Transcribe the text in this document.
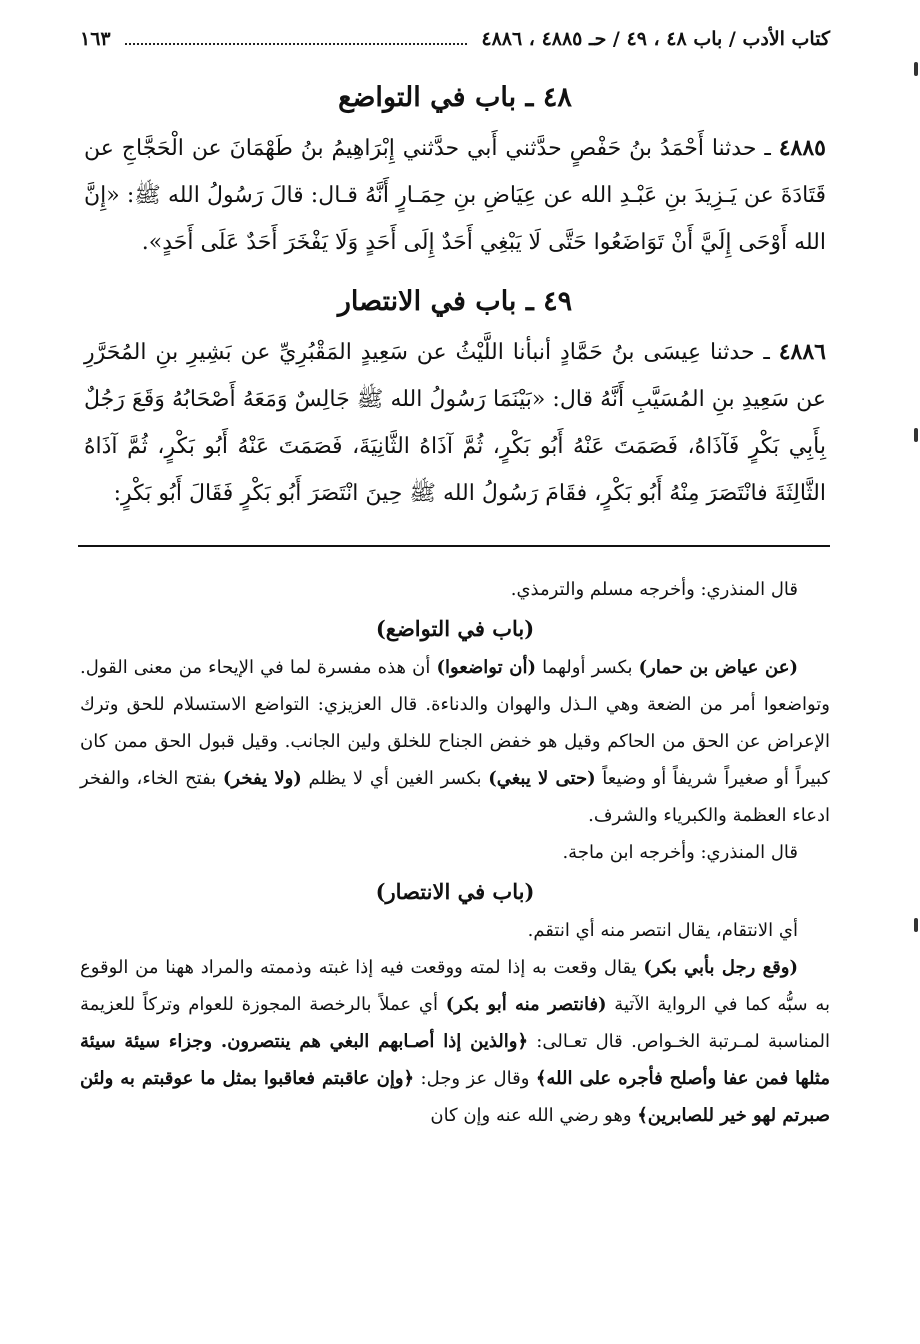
كتاب الأدب / باب ٤٨ ، ٤٩ / حـ ٤٨٨٥ ، ٤٨٨٦
١٦٣
٤٨ ـ باب في التواضع

٤٨٨٥ ـ حدثنا أَحْمَدُ بنُ حَفْصٍ حدَّثني أَبي حدَّثني إِبْرَاهِيمُ بنُ طَهْمَانَ عن الْحَجَّاجِ عن قَتَادَةَ عن يَـزِيدَ بنِ عَبْـدِ الله عن عِيَاضِ بنِ حِمَـارٍ أَنَّهُ قـال: قالَ رَسُولُ الله ﷺ: «إِنَّ الله أَوْحَى إِلَيَّ أَنْ تَوَاضَعُوا حَتَّى لَا يَبْغِي أَحَدٌ إِلَى أَحَدٍ وَلَا يَفْخَرَ أَحَدٌ عَلَى أَحَدٍ».

٤٩ ـ باب في الانتصار

٤٨٨٦ ـ حدثنا عِيسَى بنُ حَمَّادٍ أنبأنا اللَّيْثُ عن سَعِيدٍ المَقْبُرِيِّ عن بَشِيرِ بنِ المُحَرَّرِ عن سَعِيدِ بنِ المُسَيَّبِ أَنَّهُ قال: «بَيْنَمَا رَسُولُ الله ﷺ جَالِسٌ وَمَعَهُ أَصْحَابُهُ وَقَعَ رَجُلٌ بِأَبِي بَكْرٍ فَآذَاهُ، فَصَمَتَ عَنْهُ أَبُو بَكْرٍ، ثُمَّ آذَاهُ الثَّانِيَةَ، فَصَمَتَ عَنْهُ أَبُو بَكْرٍ، ثُمَّ آذَاهُ الثَّالِثَةَ فانْتَصَرَ مِنْهُ أَبُو بَكْرٍ، فقَامَ رَسُولُ الله ﷺ حِينَ انْتَصَرَ أَبُو بَكْرٍ فَقَالَ أَبُو بَكْرٍ:

قال المنذري: وأخرجه مسلم والترمذي.

(باب في التواضع)

(عن عياض بن حمار) بكسر أولهما (أن تواضعوا) أن هذه مفسرة لما في الإيحاء من معنى القول. وتواضعوا أمر من الضعة وهي الـذل والهوان والدناءة. قال العزيزي: التواضع الاستسلام للحق وترك الإعراض عن الحق من الحاكم وقيل هو خفض الجناح للخلق ولين الجانب. وقيل قبول الحق ممن كان كبيراً أو صغيراً شريفاً أو وضيعاً (حتى لا يبغي) بكسر الغين أي لا يظلم (ولا يفخر) بفتح الخاء، والفخر ادعاء العظمة والكبرياء والشرف.

قال المنذري: وأخرجه ابن ماجة.

(باب في الانتصار)

أي الانتقام، يقال انتصر منه أي انتقم.

(وقع رجل بأبي بكر) يقال وقعت به إذا لمته ووقعت فيه إذا غبته وذممته والمراد ههنا من الوقوع به سبُّه كما في الرواية الآتية (فانتصر منه أبو بكر) أي عملاً بالرخصة المجوزة للعوام وتركاً للعزيمة المناسبة لمـرتبة الخـواص. قال تعـالى: ﴿والذين إذا أصـابهم البغي هم ينتصرون. وجزاء سيئة سيئة مثلها فمن عفا وأصلح فأجره على الله﴾ وقال عز وجل: ﴿وإن عاقبتم فعاقبوا بمثل ما عوقبتم به ولئن صبرتم لهو خير للصابرين﴾ وهو رضي الله عنه وإن كان
